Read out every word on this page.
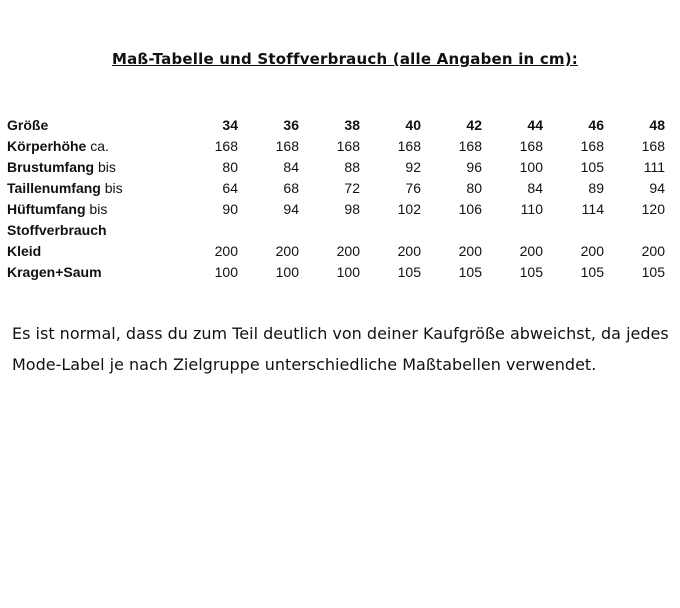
Maß-Tabelle und Stoffverbrauch (alle Angaben in cm):
Größe	34	36	38	40	42	44	46	48
Körperhöhe ca.	168	168	168	168	168	168	168	168
Brustumfang bis	80	84	88	92	96	100	105	111
Taillenumfang bis	64	68	72	76	80	84	89	94
Hüftumfang bis	90	94	98	102	106	110	114	120
Stoffverbrauch								
Kleid	200	200	200	200	200	200	200	200
Kragen+Saum	100	100	100	105	105	105	105	105

Es ist normal, dass du zum Teil deutlich von deiner Kaufgröße abweichst, da jedes Mode-Label je nach Zielgruppe unterschiedliche Maßtabellen verwendet.
